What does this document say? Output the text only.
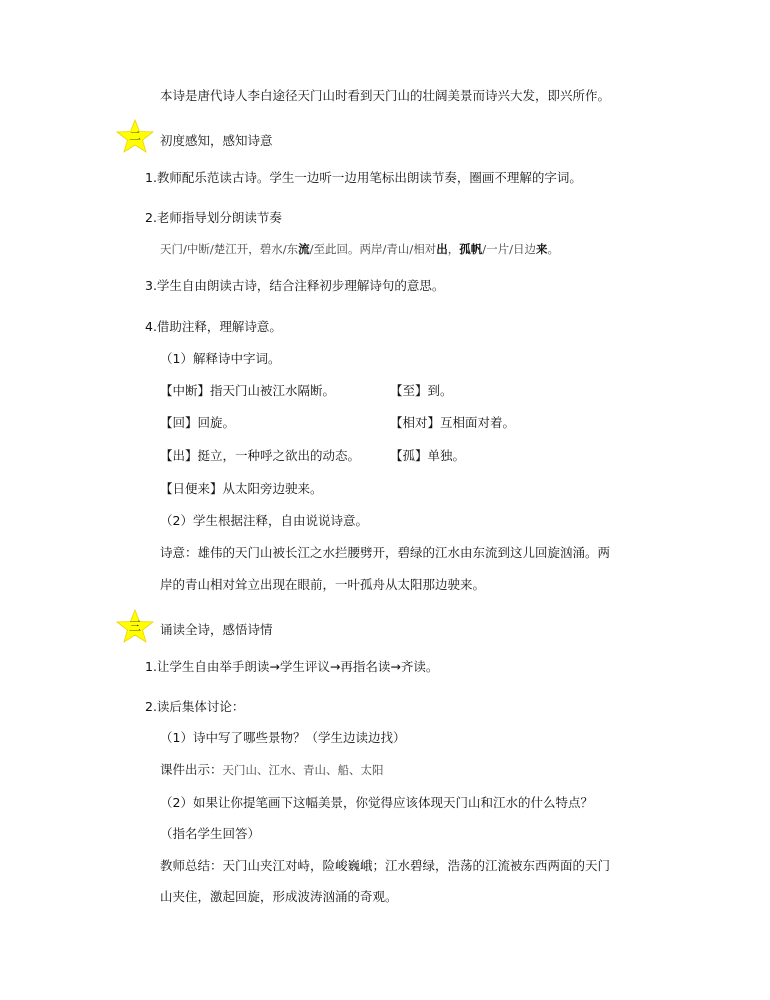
本诗是唐代诗人李白途径天门山时看到天门山的壮阔美景而诗兴大发，即兴所作。
二	初度感知，感知诗意
1.教师配乐范读古诗。学生一边听一边用笔标出朗读节奏，圈画不理解的字词。
2.老师指导划分朗读节奏
天门/中断/楚江开，碧水/东流/至此回。两岸/青山/相对出，孤帆/一片/日边来。
3.学生自由朗读古诗，结合注释初步理解诗句的意思。
4.借助注释，理解诗意。
（1）解释诗中字词。
【中断】指天门山被江水隔断。	【至】到。
【回】回旋。	【相对】互相面对着。
【出】挺立，一种呼之欲出的动态。 【孤】单独。
【日便来】从太阳旁边驶来。
（2）学生根据注释，自由说说诗意。
诗意：雄伟的天门山被长江之水拦腰劈开，碧绿的江水由东流到这儿回旋汹涌。两
岸的青山相对耸立出现在眼前，一叶孤舟从太阳那边驶来。
三	诵读全诗，感悟诗情
1.让学生自由举手朗读→学生评议→再指名读→齐读。
2.读后集体讨论：
（1）诗中写了哪些景物？（学生边读边找）
课件出示：天门山、江水、青山、船、太阳
（2）如果让你提笔画下这幅美景，你觉得应该体现天门山和江水的什么特点？
（指名学生回答）
教师总结：天门山夹江对峙，险峻巍峨；江水碧绿，浩荡的江流被东西两面的天门
山夹住，激起回旋，形成波涛汹涌的奇观。
